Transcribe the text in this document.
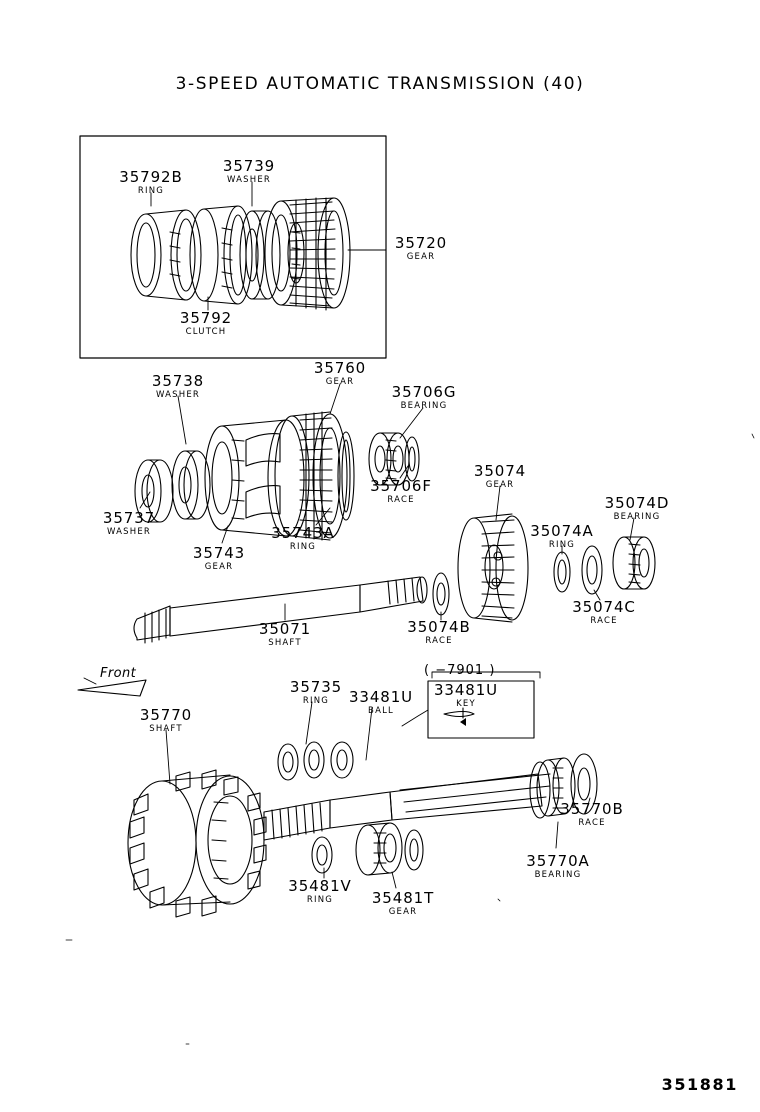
3-SPEED AUTOMATIC TRANSMISSION (40)
35792B
RING
35739
WASHER
35720
GEAR
35792
CLUTCH
35738
WASHER
35760
GEAR
35706G
BEARING
35706F
RACE
35737
WASHER
35743
GEAR
35743A
RING
35074
GEAR
35074A
RING
35074D
BEARING
35074C
RACE
35074B
RACE
35071
SHAFT
35735
RING	33481U
BALL
33481U
KEY
35770
SHAFT
35770B
RACE
35770A
BEARING
35481V
RING	35481T
GEAR
Front	( −7901 )
351881
